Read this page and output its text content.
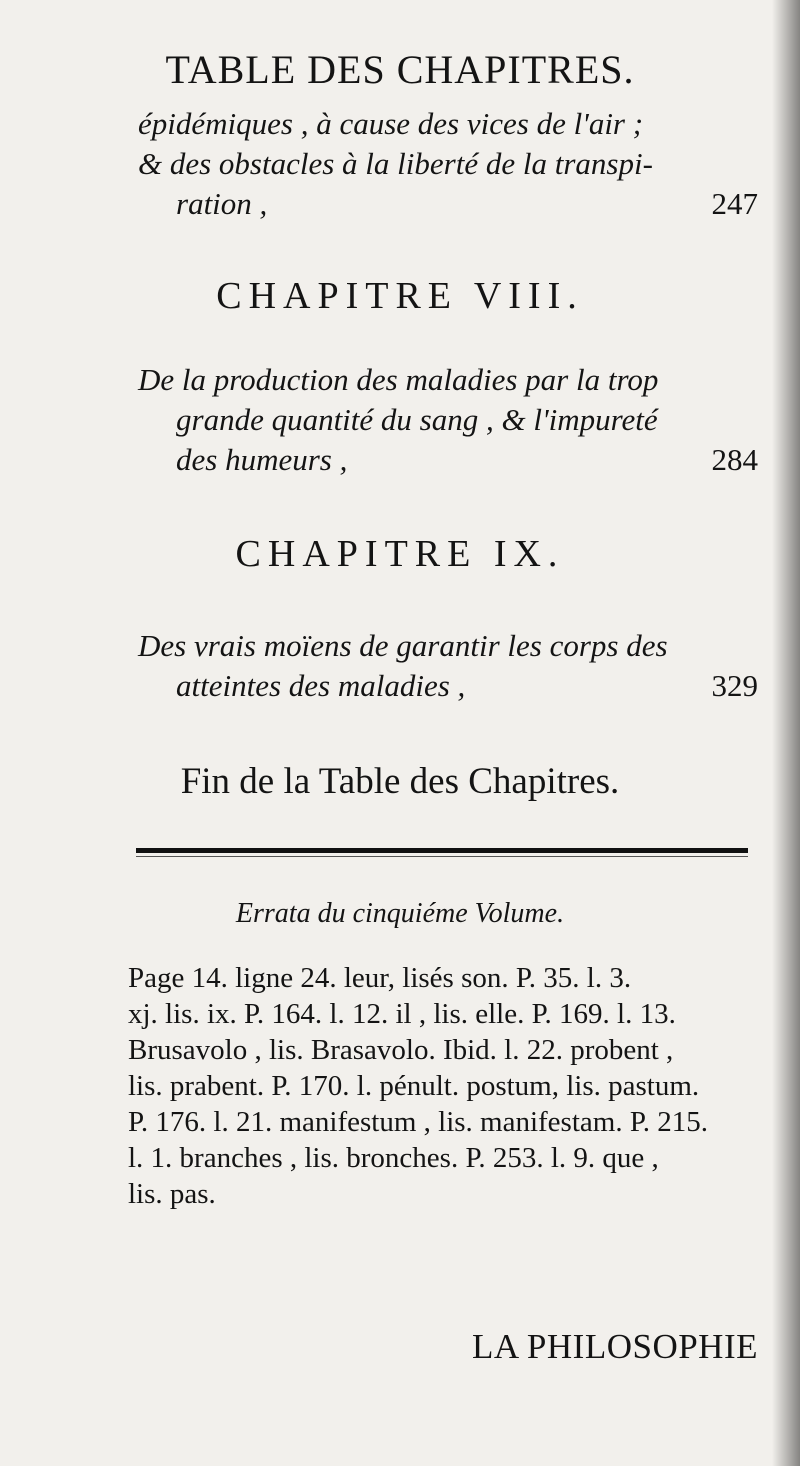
TABLE DES CHAPITRES.
épidémiques , à cause des vices de l'air ;
& des obstacles à la liberté de la transpi-
ration ,	247
CHAPITRE VIII.
De la production des maladies par la trop
grande quantité du sang , & l'impureté
des humeurs ,	284
CHAPITRE IX.
Des vrais moïens de garantir les corps des
atteintes des maladies ,	329
Fin de la Table des Chapitres.
Errata du cinquiéme Volume.
Page 14. ligne 24. leur, lisés son. P. 35. l. 3.
xj. lis. ix. P. 164. l. 12. il , lis. elle. P. 169. l. 13.
Brusavolo , lis. Brasavolo. Ibid. l. 22. probent ,
lis. prabent. P. 170. l. pénult. postum, lis. pastum.
P. 176. l. 21. manifestum , lis. manifestam. P. 215.
l. 1. branches , lis. bronches. P. 253. l. 9. que ,
lis. pas.
LA PHILOSOPHIE
